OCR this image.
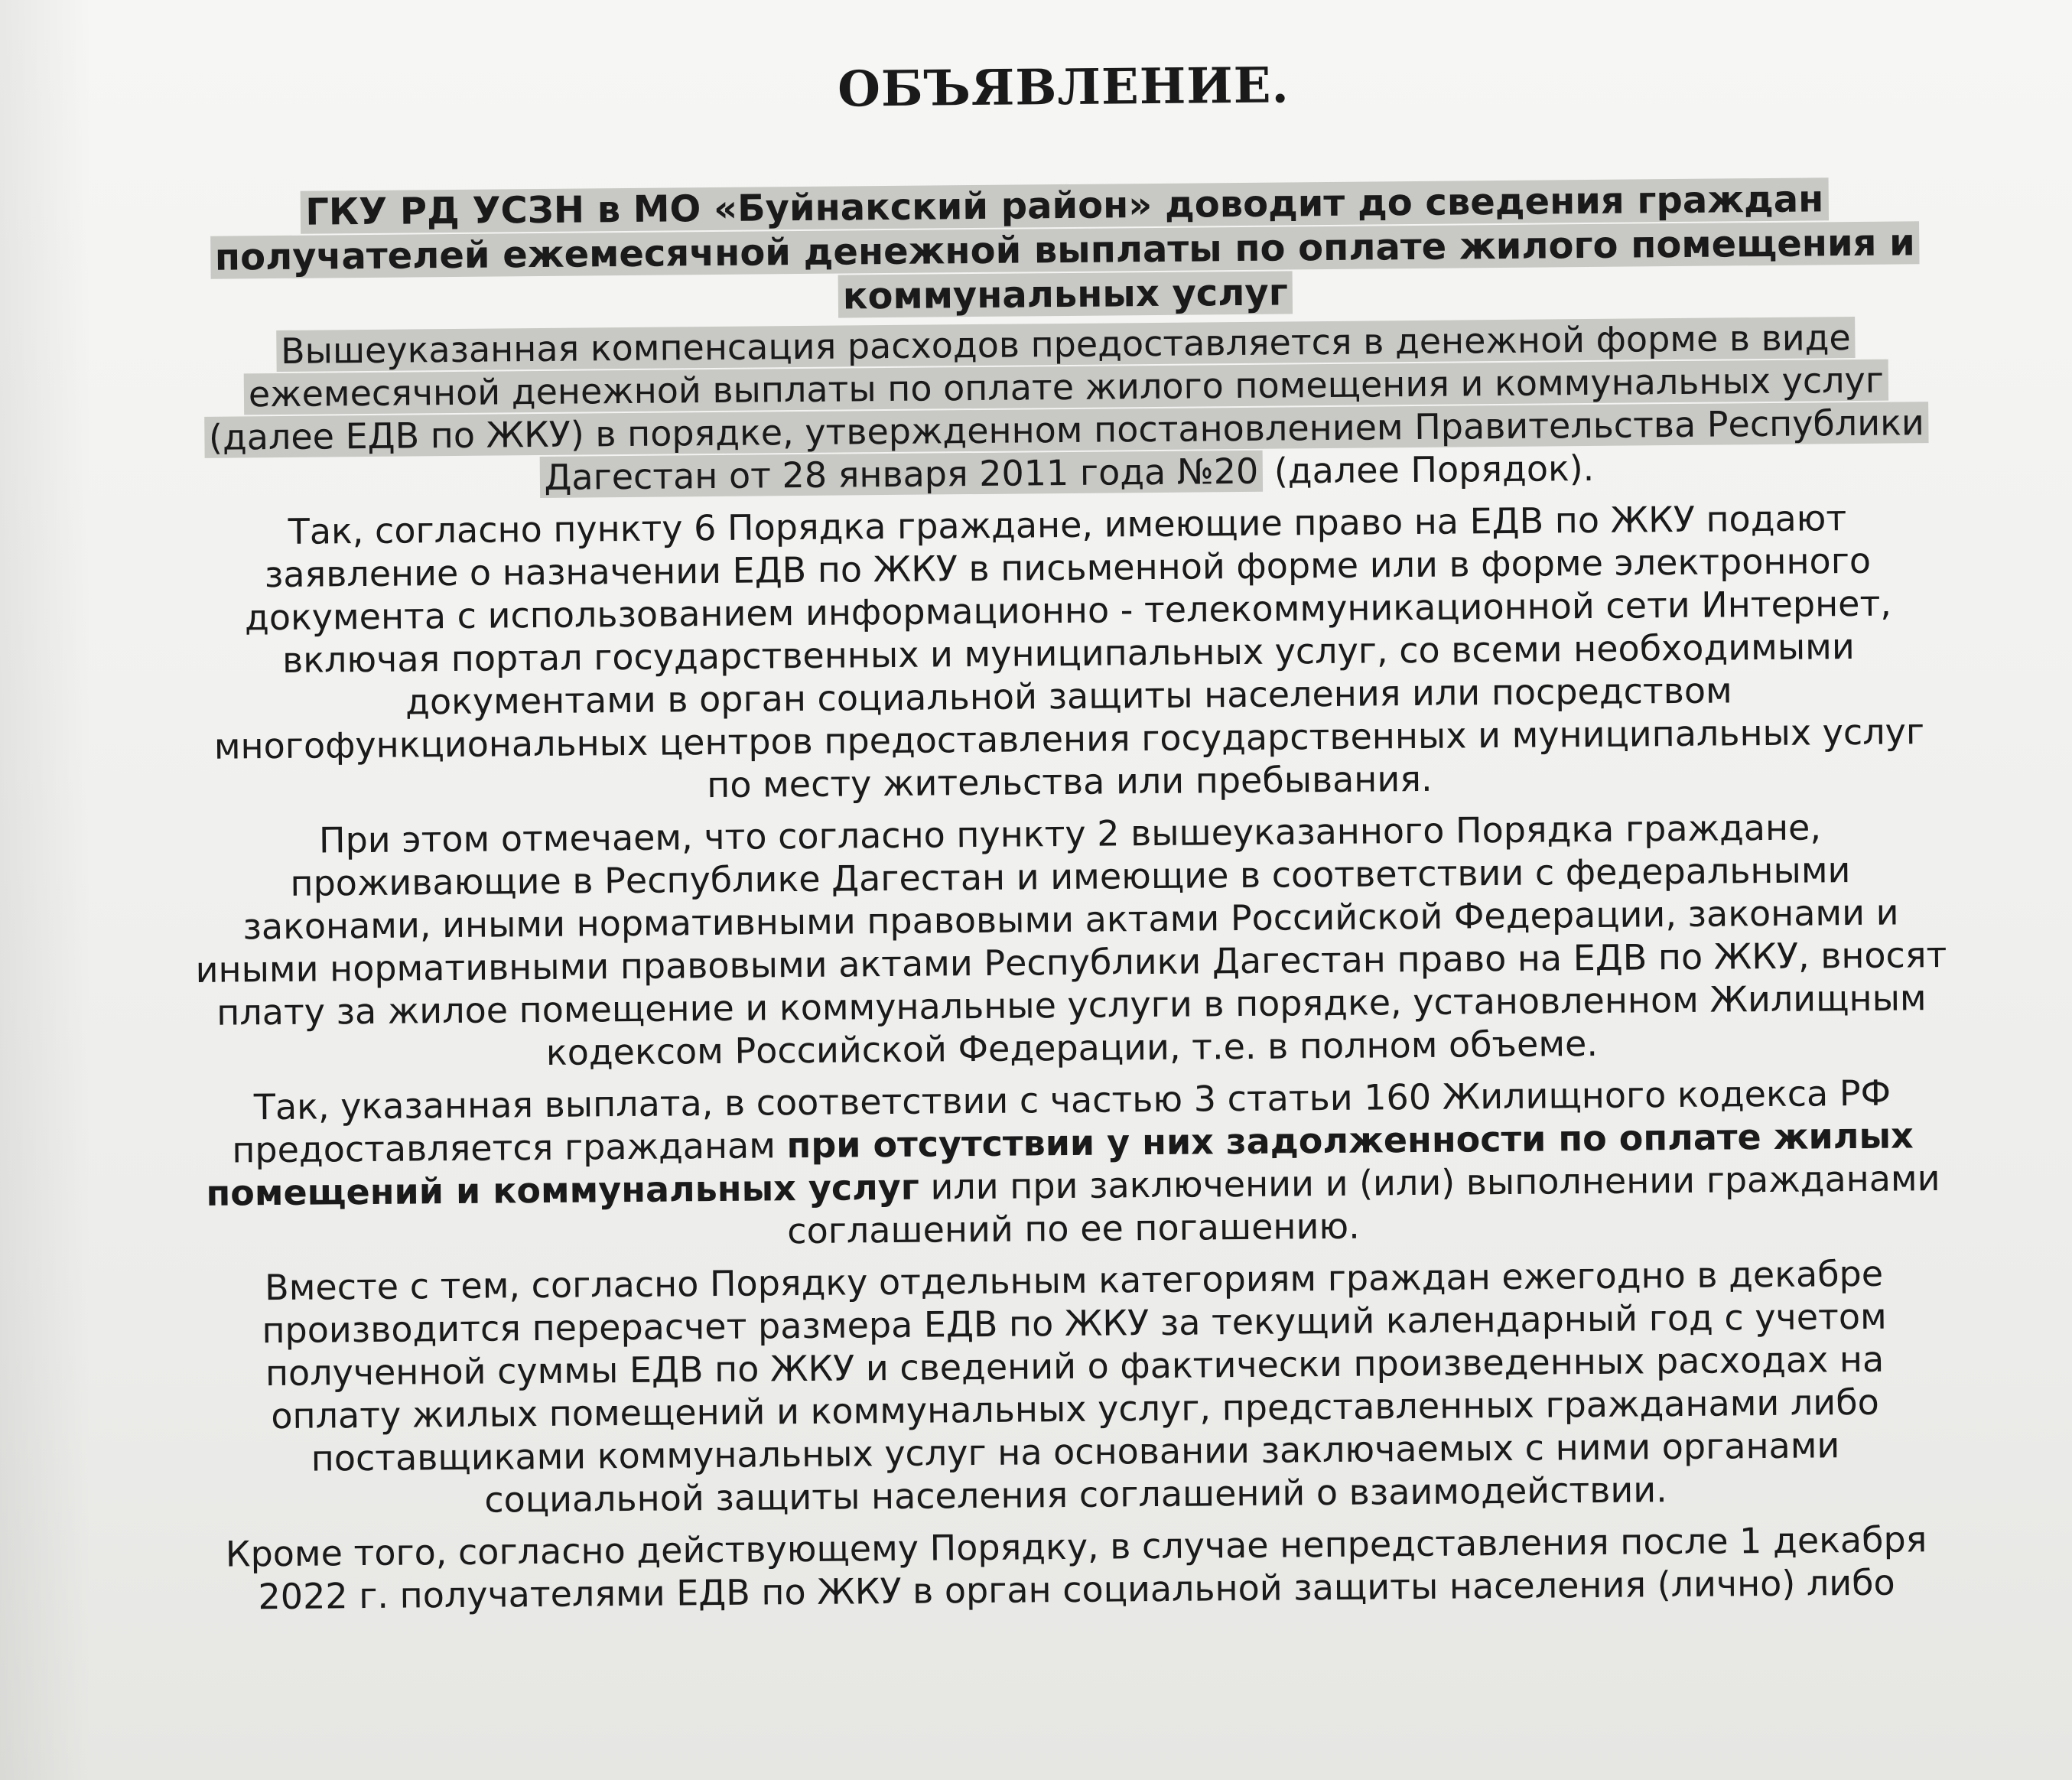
ОБЪЯВЛЕНИЕ.
ГКУ РД УСЗН в МО «Буйнакский район» доводит до сведения граждан получателей ежемесячной денежной выплаты по оплате жилого помещения и коммунальных услуг
Вышеуказанная компенсация расходов предоставляется в денежной форме в виде ежемесячной денежной выплаты по оплате жилого помещения и коммунальных услуг (далее ЕДВ по ЖКУ) в порядке, утвержденном постановлением Правительства Республики Дагестан от 28 января 2011 года №20 (далее Порядок).
Так, согласно пункту 6 Порядка граждане, имеющие право на ЕДВ по ЖКУ подают заявление о назначении ЕДВ по ЖКУ в письменной форме или в форме электронного документа с использованием информационно - телекоммуникационной сети Интернет, включая портал государственных и муниципальных услуг, со всеми необходимыми документами в орган социальной защиты населения или посредством многофункциональных центров предоставления государственных и муниципальных услуг по месту жительства или пребывания.
При этом отмечаем, что согласно пункту 2 вышеуказанного Порядка граждане, проживающие в Республике Дагестан и имеющие в соответствии с федеральными законами, иными нормативными правовыми актами Российской Федерации, законами и иными нормативными правовыми актами Республики Дагестан право на ЕДВ по ЖКУ, вносят плату за жилое помещение и коммунальные услуги в порядке, установленном Жилищным кодексом Российской Федерации, т.е. в полном объеме.
Так, указанная выплата, в соответствии с частью 3 статьи 160 Жилищного кодекса РФ предоставляется гражданам при отсутствии у них задолженности по оплате жилых помещений и коммунальных услуг или при заключении и (или) выполнении гражданами соглашений по ее погашению.
Вместе с тем, согласно Порядку отдельным категориям граждан ежегодно в декабре производится перерасчет размера ЕДВ по ЖКУ за текущий календарный год с учетом полученной суммы ЕДВ по ЖКУ и сведений о фактически произведенных расходах на оплату жилых помещений и коммунальных услуг, представленных гражданами либо поставщиками коммунальных услуг на основании заключаемых с ними органами социальной защиты населения соглашений о взаимодействии.
Кроме того, согласно действующему Порядку, в случае непредставления после 1 декабря 2022 г. получателями ЕДВ по ЖКУ в орган социальной защиты населения (лично) либо
